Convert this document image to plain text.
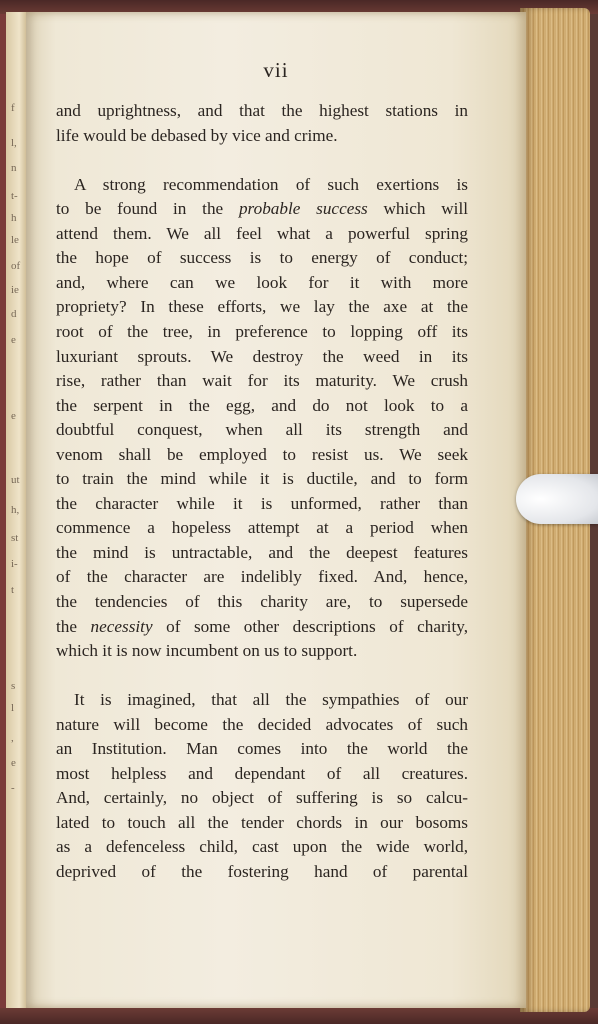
f
l,
n
t-
h
le
of
ie
d
e
e
ut
h,
st
i-
t
s
l
,
e
-
vii
and uprightness, and that the highest stations in
life would be debased by vice and crime.
A strong recommendation of such exertions is
to be found in the probable success which will
attend them. We all feel what a powerful spring
the hope of success is to energy of conduct;
and, where can we look for it with more
propriety? In these efforts, we lay the axe at the
root of the tree, in preference to lopping off its
luxuriant sprouts. We destroy the weed in its
rise, rather than wait for its maturity. We crush
the serpent in the egg, and do not look to a
doubtful conquest, when all its strength and
venom shall be employed to resist us. We seek
to train the mind while it is ductile, and to form
the character while it is unformed, rather than
commence a hopeless attempt at a period when
the mind is untractable, and the deepest features
of the character are indelibly fixed. And, hence,
the tendencies of this charity are, to supersede
the necessity of some other descriptions of charity,
which it is now incumbent on us to support.
It is imagined, that all the sympathies of our
nature will become the decided advocates of such
an Institution. Man comes into the world the
most helpless and dependant of all creatures.
And, certainly, no object of suffering is so calcu-
lated to touch all the tender chords in our bosoms
as a defenceless child, cast upon the wide world,
deprived of the fostering hand of parental
